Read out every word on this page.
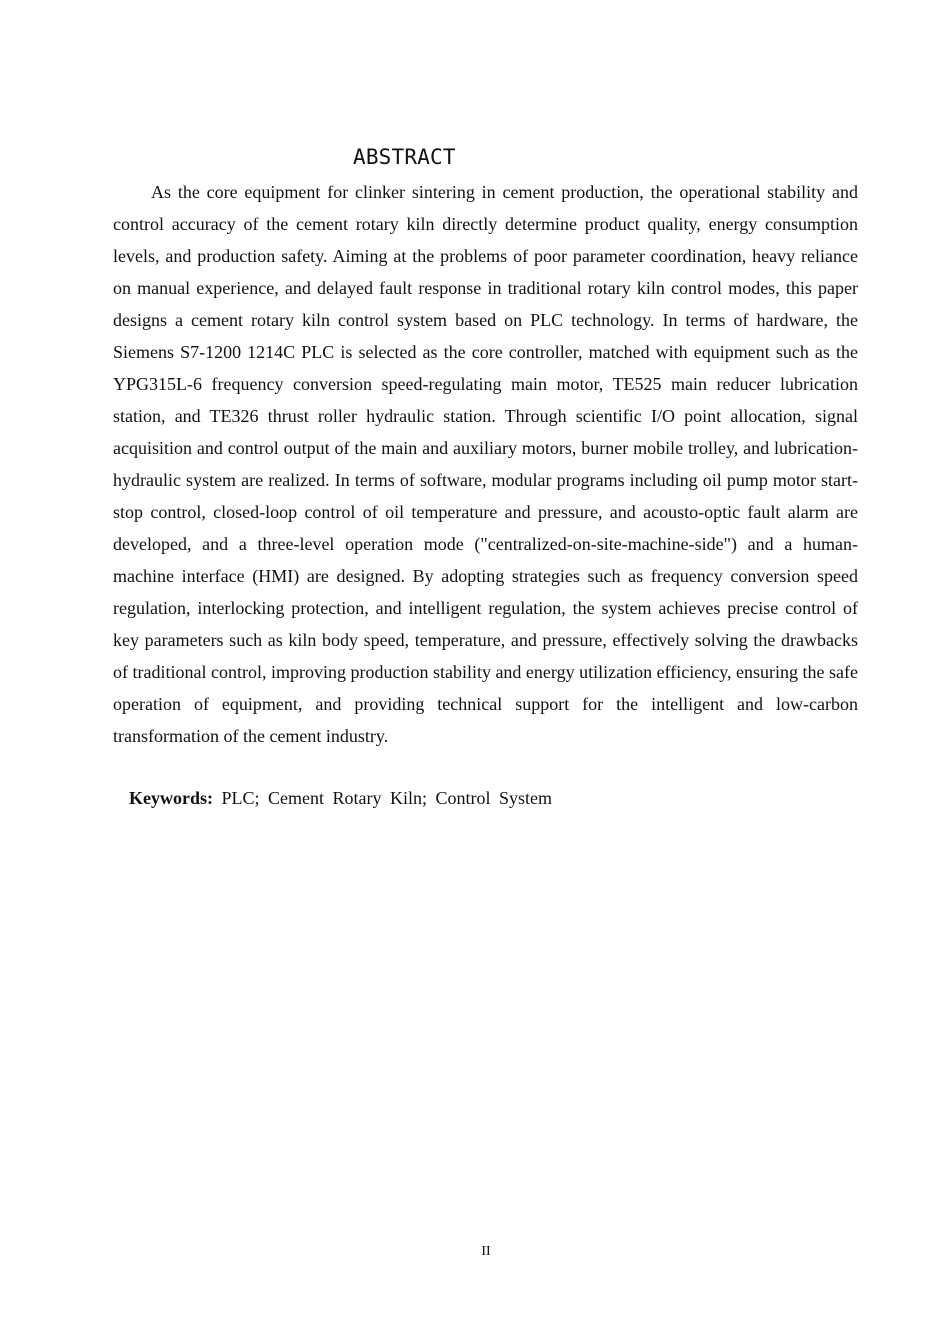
ABSTRACT

As the core equipment for clinker sintering in cement production, the operational stability and control accuracy of the cement rotary kiln directly determine product quality, energy consumption levels, and production safety. Aiming at the problems of poor parameter coordination, heavy reliance on manual experience, and delayed fault response in traditional rotary kiln control modes, this paper designs a cement rotary kiln control system based on PLC technology. In terms of hardware, the Siemens S7-1200 1214C PLC is selected as the core controller, matched with equipment such as the YPG315L-6 frequency conversion speed-regulating main motor, TE525 main reducer lubrication station, and TE326 thrust roller hydraulic station. Through scientific I/O point allocation, signal acquisition and control output of the main and auxiliary motors, burner mobile trolley, and lubrication-hydraulic system are realized. In terms of software, modular programs including oil pump motor start-stop control, closed-loop control of oil temperature and pressure, and acousto-optic fault alarm are developed, and a three-level operation mode ("centralized-on-site-machine-side") and a human-machine interface (HMI) are designed. By adopting strategies such as frequency conversion speed regulation, interlocking protection, and intelligent regulation, the system achieves precise control of key parameters such as kiln body speed, temperature, and pressure, effectively solving the drawbacks of traditional control, improving production stability and energy utilization efficiency, ensuring the safe operation of equipment, and providing technical support for the intelligent and low-carbon transformation of the cement industry.

Keywords: PLC; Cement Rotary Kiln; Control System
II
